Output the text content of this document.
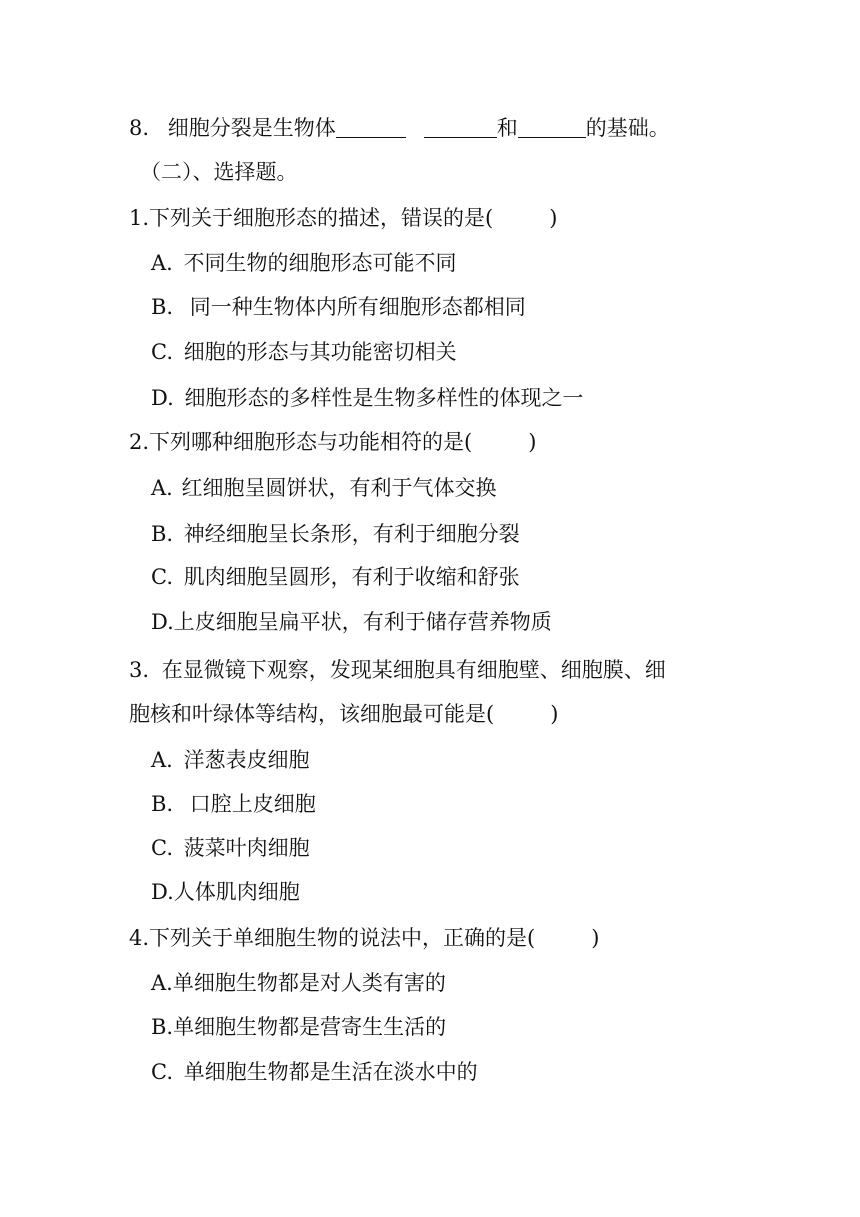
8. 细胞分裂是生物体	和	的基础。
（二）、选择题。
1.下列关于细胞形态的描述，错误的是(	)
A. 不同生物的细胞形态可能不同
B. 同一种生物体内所有细胞形态都相同
C. 细胞的形态与其功能密切相关
D. 细胞形态的多样性是生物多样性的体现之一
2.下列哪种细胞形态与功能相符的是(	)
A. 红细胞呈圆饼状，有利于气体交换
B. 神经细胞呈长条形，有利于细胞分裂
C. 肌肉细胞呈圆形，有利于收缩和舒张
D.上皮细胞呈扁平状，有利于储存营养物质
3. 在显微镜下观察，发现某细胞具有细胞壁、细胞膜、细
胞核和叶绿体等结构，该细胞最可能是(	)
A. 洋葱表皮细胞
B. 口腔上皮细胞
C. 菠菜叶肉细胞
D.人体肌肉细胞
4.下列关于单细胞生物的说法中，正确的是(	)
A.单细胞生物都是对人类有害的
B.单细胞生物都是营寄生生活的
C. 单细胞生物都是生活在淡水中的
